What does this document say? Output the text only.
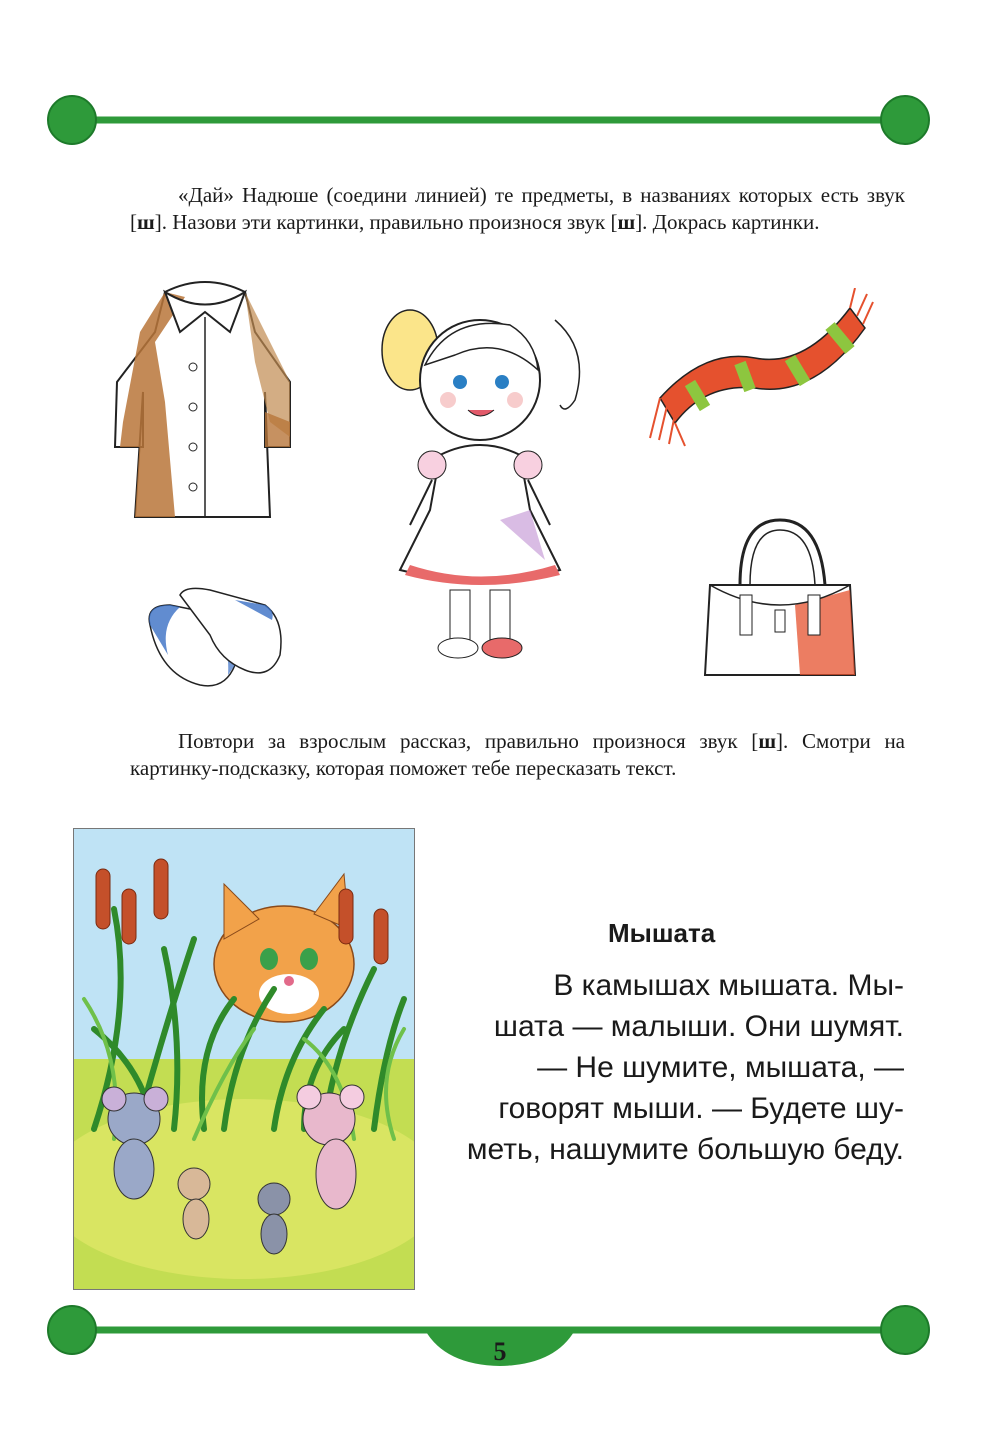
«Дай» Надюше (соедини линией) те предметы, в названиях которых есть звук [ш]. Назови эти картинки, правильно произнося звук [ш]. Докрась картинки.

Повтори за взрослым рассказ, правильно произнося звук [ш]. Смотри на картинку-подсказку, которая поможет тебе пересказать текст.

Мышата
В камышах мышата. Мы-
шата — малыши. Они шумят.
— Не шумите, мышата, —
говорят мыши. — Будете шу-
меть, нашумите большую беду.
5
